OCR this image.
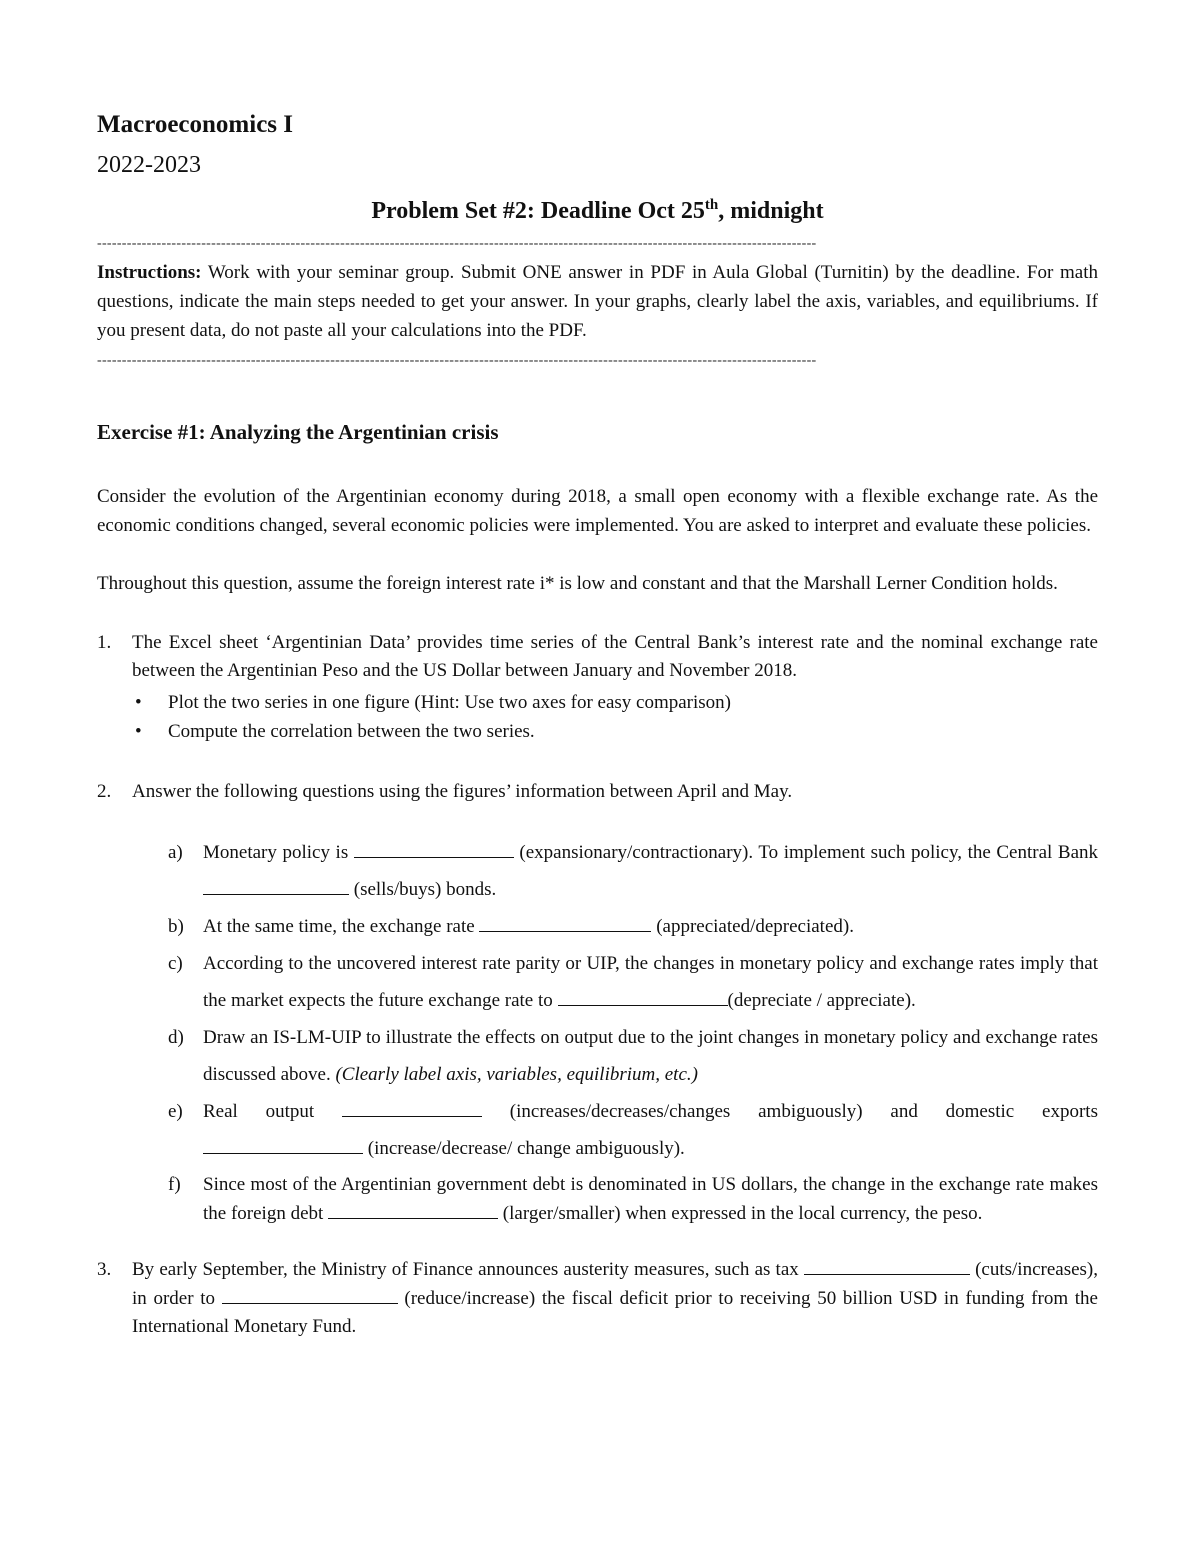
Macroeconomics I

2022-2023

Problem Set #2: Deadline Oct 25th, midnight

-------------------------------------------------------------------------------------------------------------------------------------------------

Instructions: Work with your seminar group. Submit ONE answer in PDF in Aula Global (Turnitin) by the deadline. For math questions, indicate the main steps needed to get your answer. In your graphs, clearly label the axis, variables, and equilibriums. If you present data, do not paste all your calculations into the PDF.

-------------------------------------------------------------------------------------------------------------------------------------------------

Exercise #1: Analyzing the Argentinian crisis

Consider the evolution of the Argentinian economy during 2018, a small open economy with a flexible exchange rate. As the economic conditions changed, several economic policies were implemented. You are asked to interpret and evaluate these policies.

Throughout this question, assume the foreign interest rate i* is low and constant and that the Marshall Lerner Condition holds.

1. The Excel sheet ‘Argentinian Data’ provides time series of the Central Bank’s interest rate and the nominal exchange rate between the Argentinian Peso and the US Dollar between January and November 2018.
• Plot the two series in one figure (Hint: Use two axes for easy comparison)
• Compute the correlation between the two series.
2. Answer the following questions using the figures’ information between April and May.
a) Monetary policy is	(expansionary/contractionary). To implement such policy, the Central Bank  (sells/buys) bonds.
b) At the same time, the exchange rate	(appreciated/depreciated).
c) According to the uncovered interest rate parity or UIP, the changes in monetary policy and exchange rates imply that the market expects the future exchange rate to	(depreciate / appreciate).
d) Draw an IS-LM-UIP to illustrate the effects on output due to the joint changes in monetary policy and exchange rates discussed above. (Clearly label axis, variables, equilibrium, etc.)
e) Real output	(increases/decreases/changes ambiguously) and domestic exports  (increase/decrease/ change ambiguously).
f) Since most of the Argentinian government debt is denominated in US dollars, the change in the exchange rate makes the foreign debt	(larger/smaller) when expressed in the local currency, the peso.
3. By early September, the Ministry of Finance announces austerity measures, such as tax	(cuts/increases), in order to	(reduce/increase) the fiscal deficit prior to receiving 50 billion USD in funding from the International Monetary Fund.
